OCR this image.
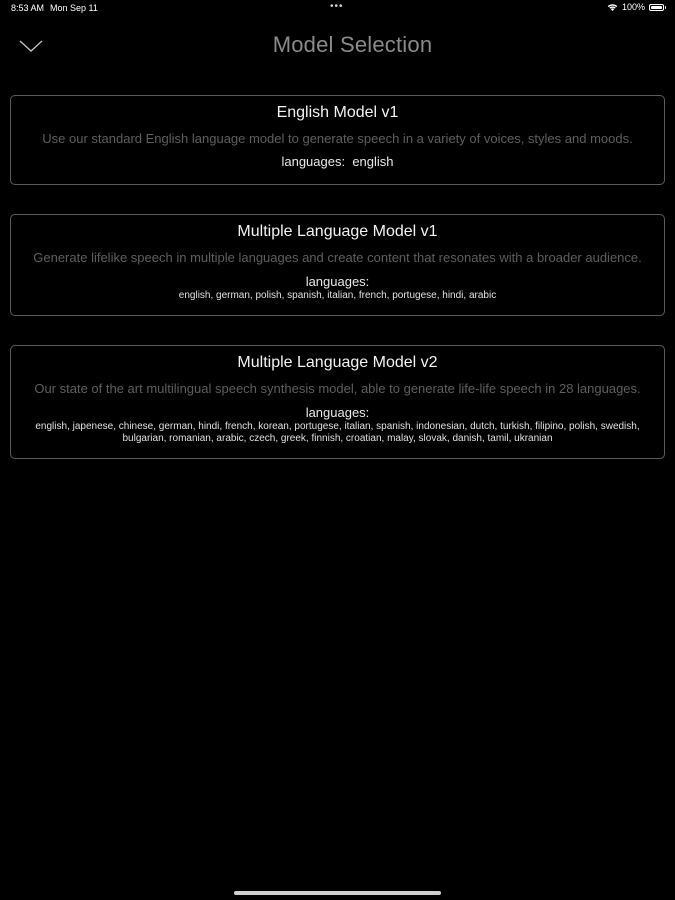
8:53 AM Mon Sep 11	•••	100%
Model Selection
English Model v1
Use our standard English language model to generate speech in a variety of voices, styles and moods.
languages: english
Multiple Language Model v1
Generate lifelike speech in multiple languages and create content that resonates with a broader audience.
languages:
english, german, polish, spanish, italian, french, portugese, hindi, arabic
Multiple Language Model v2
Our state of the art multilingual speech synthesis model, able to generate life-life speech in 28 languages.
languages:
english, japenese, chinese, german, hindi, french, korean, portugese, italian, spanish, indonesian, dutch, turkish, filipino, polish, swedish, bulgarian, romanian, arabic, czech, greek, finnish, croatian, malay, slovak, danish, tamil, ukranian
